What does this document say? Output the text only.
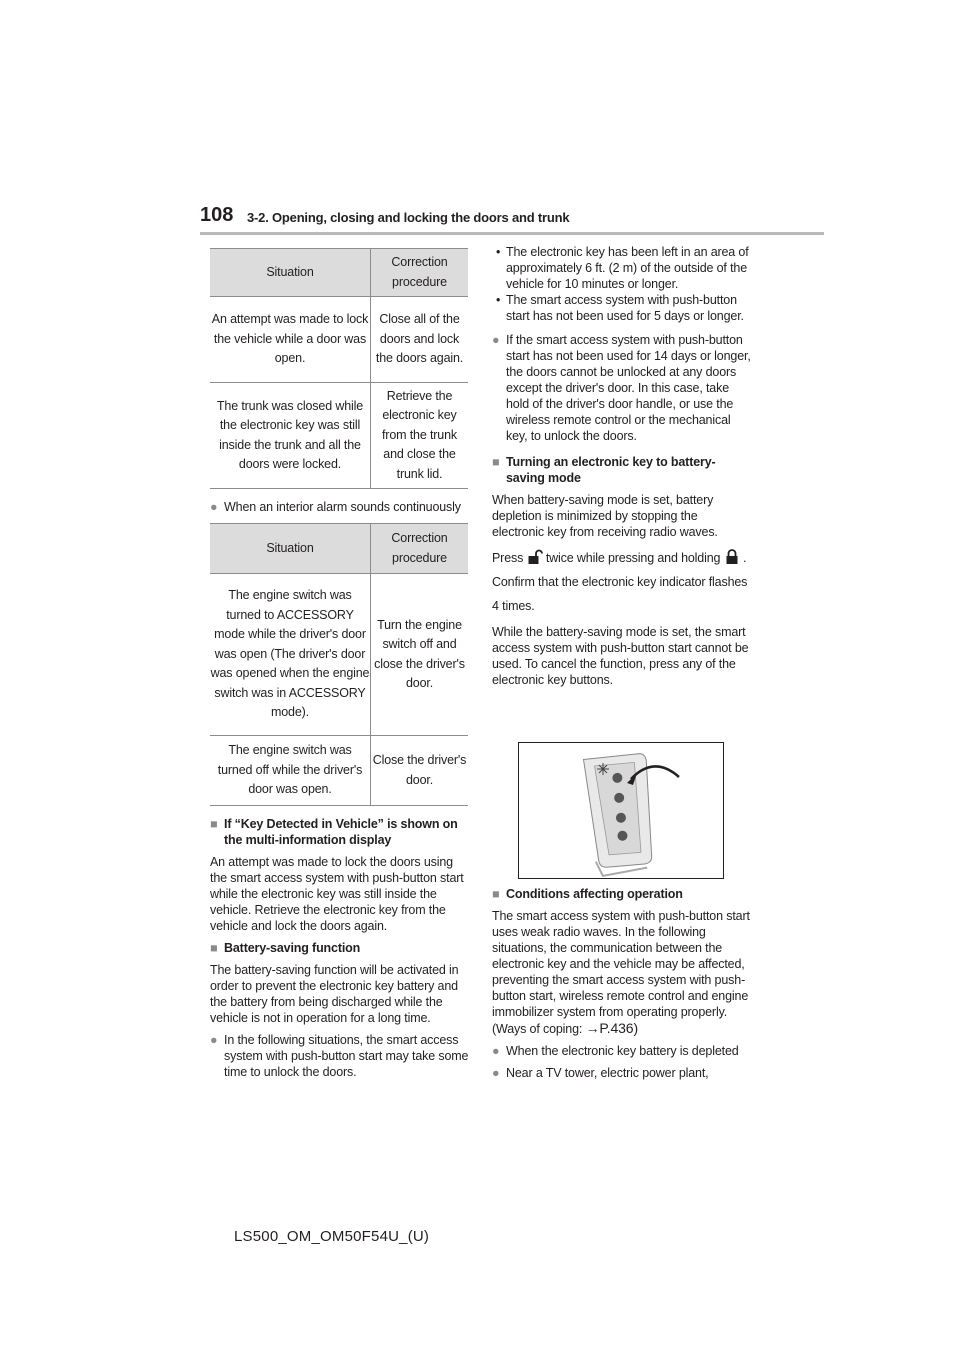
108 3-2. Opening, closing and locking the doors and trunk
Situation	Correction procedure
An attempt was made to lock the vehicle while a door was open.	Close all of the doors and lock the doors again.
The trunk was closed while the electronic key was still inside the trunk and all the doors were locked.	Retrieve the electronic key from the trunk and close the trunk lid.
● When an interior alarm sounds continuously
Situation	Correction procedure
The engine switch was turned to ACCESSORY mode while the driver's door was open (The driver's door was opened when the engine switch was in ACCESSORY mode).	Turn the engine switch off and close the driver's door.
The engine switch was turned off while the driver's door was open.	Close the driver's door.
■ If “Key Detected in Vehicle” is shown on the multi-information display

An attempt was made to lock the doors using the smart access system with push-button start while the electronic key was still inside the vehicle. Retrieve the electronic key from the vehicle and lock the doors again.

■ Battery-saving function

The battery-saving function will be activated in order to prevent the electronic key battery and the battery from being discharged while the vehicle is not in operation for a long time.

● In the following situations, the smart access system with push-button start may take some time to unlock the doors.
• The electronic key has been left in an area of approximately 6 ft. (2 m) of the outside of the vehicle for 10 minutes or longer.
• The smart access system with push-button start has not been used for 5 days or longer.
● If the smart access system with push-button start has not been used for 14 days or longer, the doors cannot be unlocked at any doors except the driver's door. In this case, take hold of the driver's door handle, or use the wireless remote control or the mechanical key, to unlock the doors.
■ Turning an electronic key to battery-saving mode

When battery-saving mode is set, battery depletion is minimized by stopping the electronic key from receiving radio waves.

Press twice while pressing and holding . Confirm that the electronic key indicator flashes 4 times.

While the battery-saving mode is set, the smart access system with push-button start cannot be used. To cancel the function, press any of the electronic key buttons.

■ Conditions affecting operation

The smart access system with push-button start uses weak radio waves. In the following situations, the communication between the electronic key and the vehicle may be affected, preventing the smart access system with push-button start, wireless remote control and engine immobilizer system from operating properly. (Ways of coping: →P.436)

● When the electronic key battery is depleted
● Near a TV tower, electric power plant,
LS500_OM_OM50F54U_(U)
